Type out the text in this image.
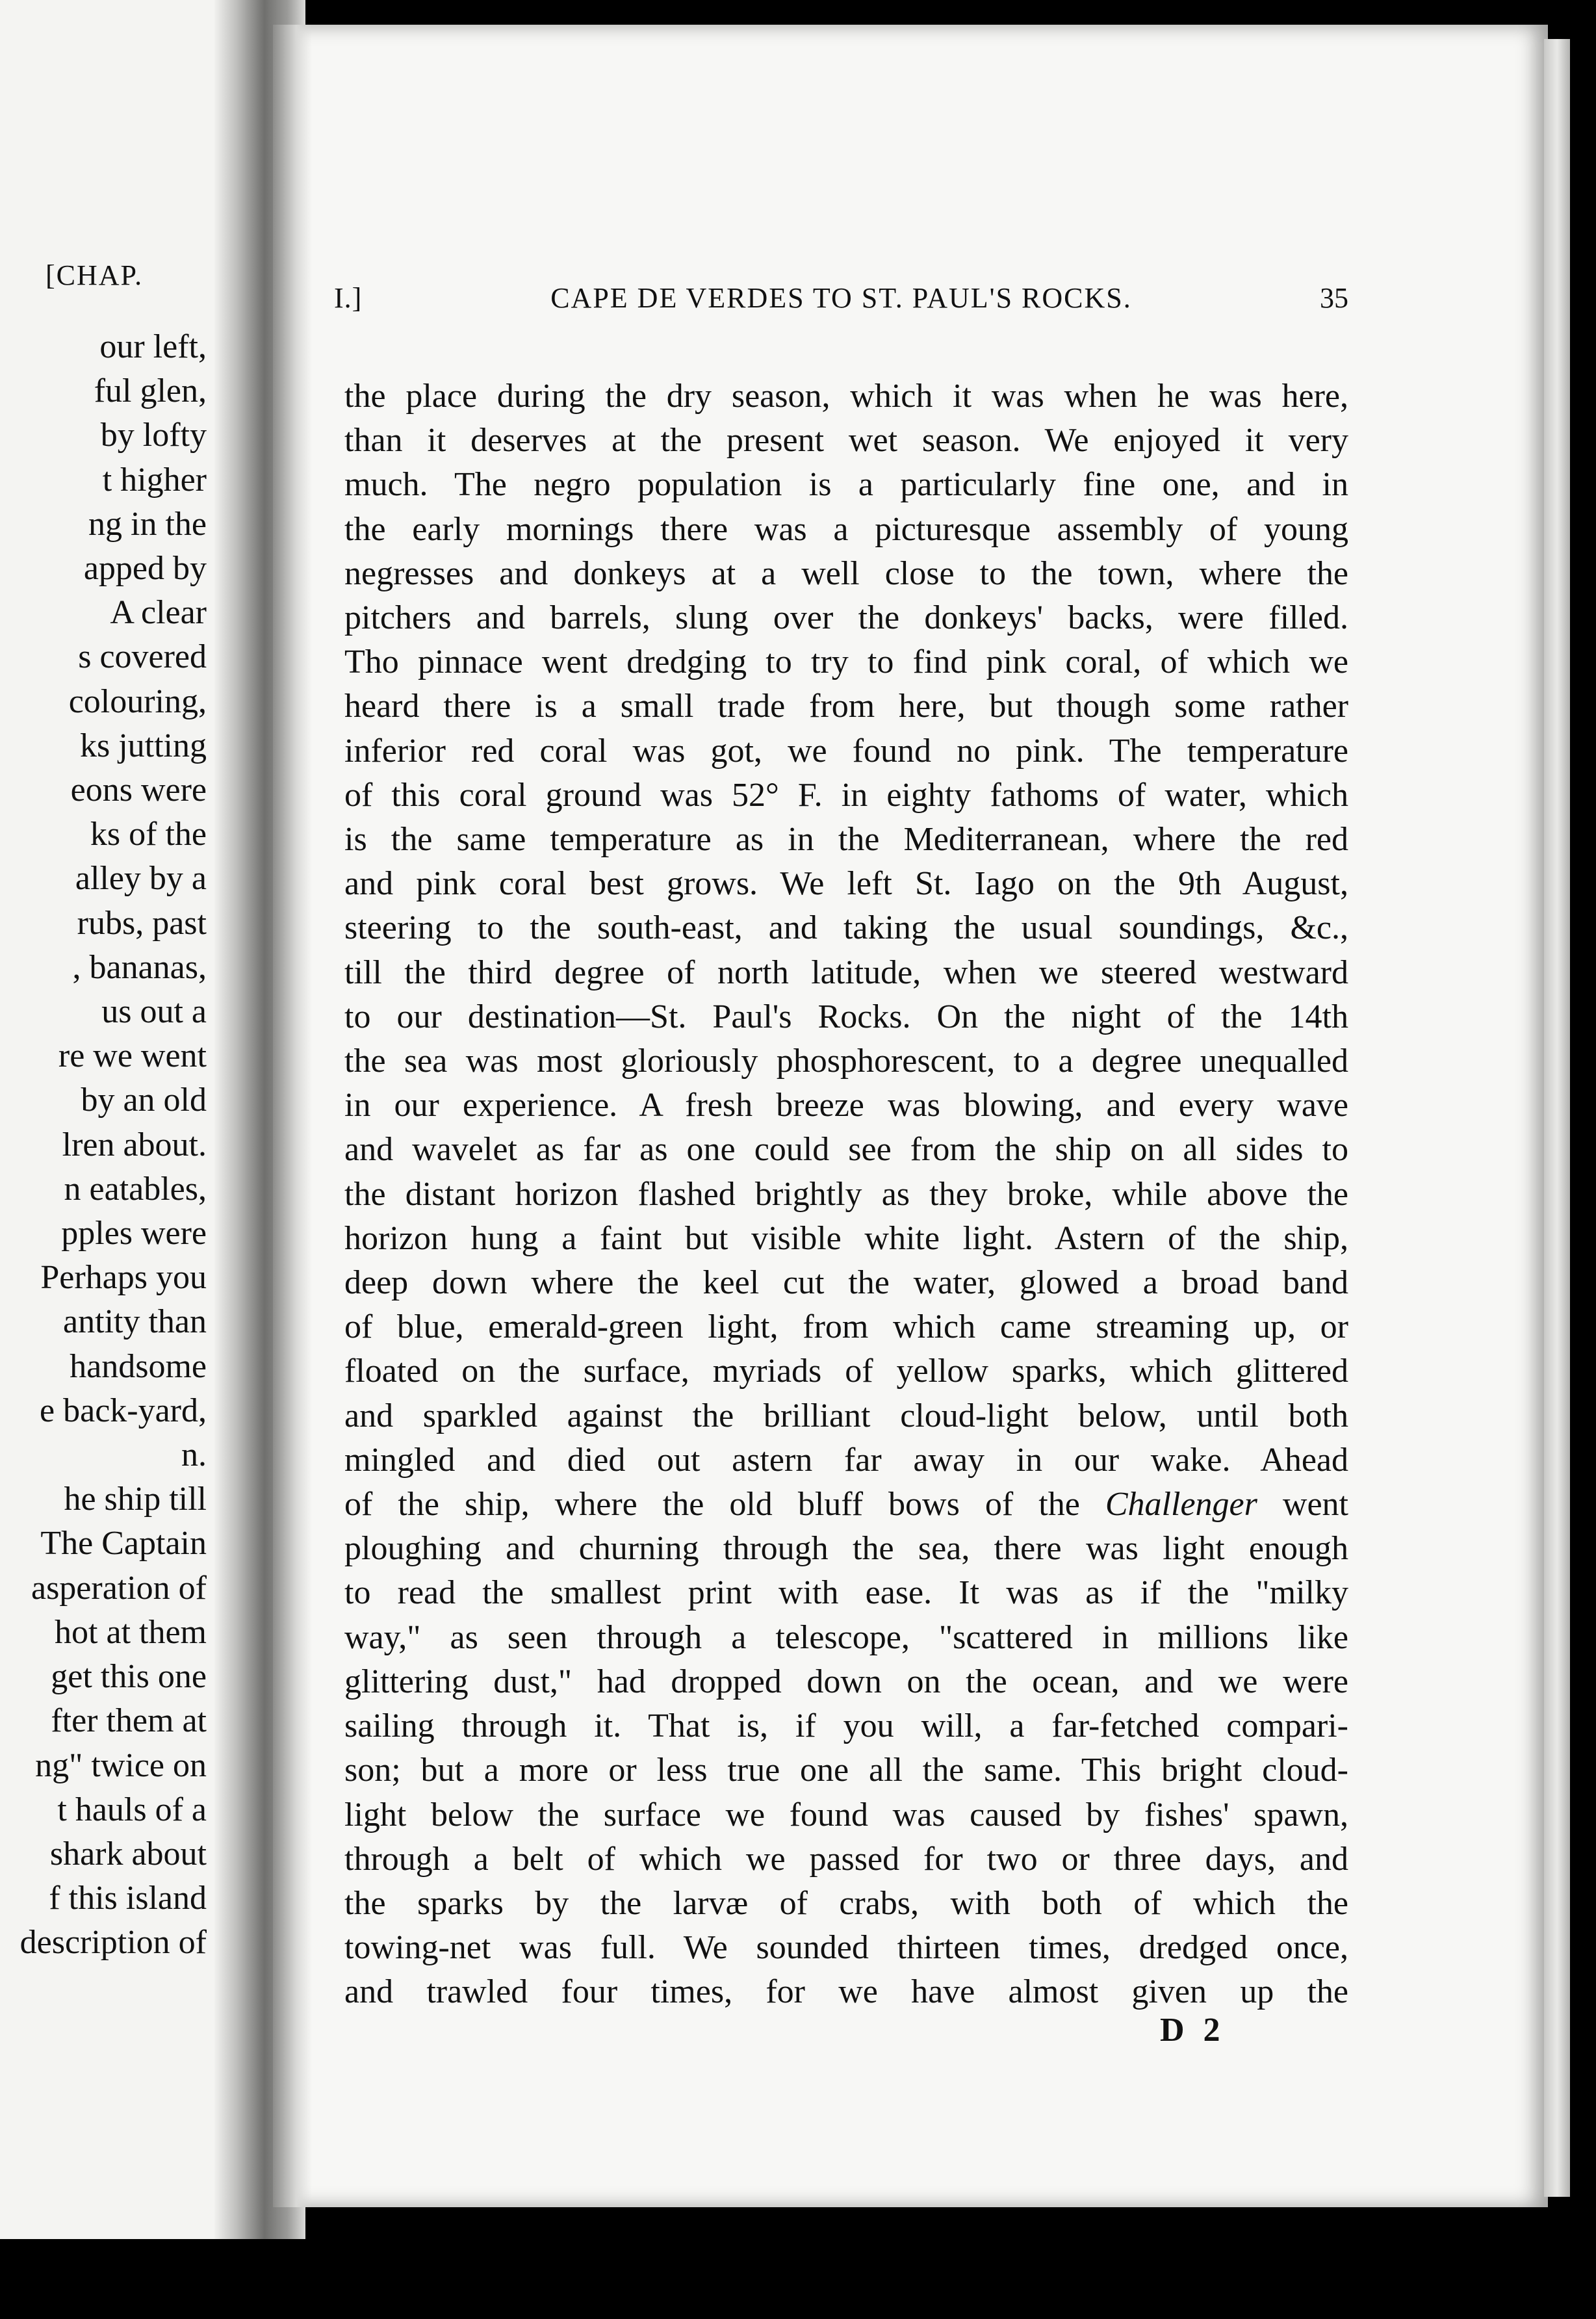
[CHAP.
our left,
ful glen,
by lofty
t higher
ng in the
apped by
A clear
s covered
colouring,
ks jutting
eons were
ks of the
alley by a
rubs, past
, bananas,
us out a
re we went
by an old
lren about.
n eatables,
pples were
Perhaps you
antity than
handsome
e back-yard,
n.
he ship till
The Captain
asperation of
hot at them
get this one
fter them at
ng" twice on
t hauls of a
shark about
f this island
description of
I.]	CAPE DE VERDES TO ST. PAUL'S ROCKS.	35
the place during the dry season, which it was when he was here,
than it deserves at the present wet season. We enjoyed it very
much. The negro population is a particularly fine one, and in
the early mornings there was a picturesque assembly of young
negresses and donkeys at a well close to the town, where the
pitchers and barrels, slung over the donkeys' backs, were filled.
Tho pinnace went dredging to try to find pink coral, of which we
heard there is a small trade from here, but though some rather
inferior red coral was got, we found no pink. The temperature
of this coral ground was 52° F. in eighty fathoms of water, which
is the same temperature as in the Mediterranean, where the red
and pink coral best grows. We left St. Iago on the 9th August,
steering to the south-east, and taking the usual soundings, &c.,
till the third degree of north latitude, when we steered westward
to our destination—St. Paul's Rocks. On the night of the 14th
the sea was most gloriously phosphorescent, to a degree unequalled
in our experience. A fresh breeze was blowing, and every wave
and wavelet as far as one could see from the ship on all sides to
the distant horizon flashed brightly as they broke, while above the
horizon hung a faint but visible white light. Astern of the ship,
deep down where the keel cut the water, glowed a broad band
of blue, emerald-green light, from which came streaming up, or
floated on the surface, myriads of yellow sparks, which glittered
and sparkled against the brilliant cloud-light below, until both
mingled and died out astern far away in our wake. Ahead
of the ship, where the old bluff bows of the Challenger went
ploughing and churning through the sea, there was light enough
to read the smallest print with ease. It was as if the "milky
way," as seen through a telescope, "scattered in millions like
glittering dust," had dropped down on the ocean, and we were
sailing through it. That is, if you will, a far-fetched compari-
son; but a more or less true one all the same. This bright cloud-
light below the surface we found was caused by fishes' spawn,
through a belt of which we passed for two or three days, and
the sparks by the larvæ of crabs, with both of which the
towing-net was full. We sounded thirteen times, dredged once,
and trawled four times, for we have almost given up the
D 2
